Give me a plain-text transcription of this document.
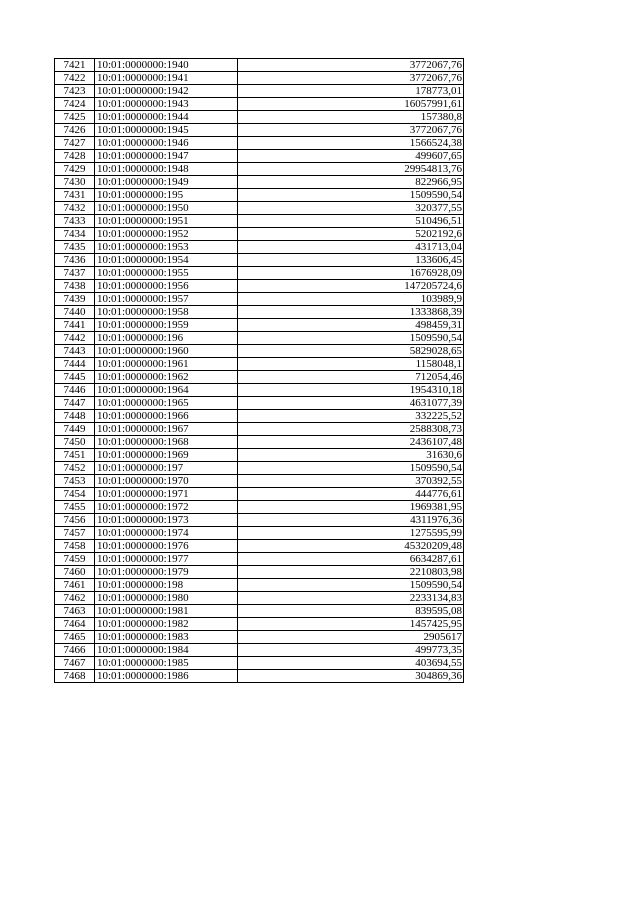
7421	10:01:0000000:1940	3772067,76
7422	10:01:0000000:1941	3772067,76
7423	10:01:0000000:1942	178773,01
7424	10:01:0000000:1943	16057991,61
7425	10:01:0000000:1944	157380,8
7426	10:01:0000000:1945	3772067,76
7427	10:01:0000000:1946	1566524,38
7428	10:01:0000000:1947	499607,65
7429	10:01:0000000:1948	29954813,76
7430	10:01:0000000:1949	822966,95
7431	10:01:0000000:195	1509590,54
7432	10:01:0000000:1950	320377,55
7433	10:01:0000000:1951	510496,51
7434	10:01:0000000:1952	5202192,6
7435	10:01:0000000:1953	431713,04
7436	10:01:0000000:1954	133606,45
7437	10:01:0000000:1955	1676928,09
7438	10:01:0000000:1956	147205724,6
7439	10:01:0000000:1957	103989,9
7440	10:01:0000000:1958	1333868,39
7441	10:01:0000000:1959	498459,31
7442	10:01:0000000:196	1509590,54
7443	10:01:0000000:1960	5829028,65
7444	10:01:0000000:1961	1158048,1
7445	10:01:0000000:1962	712054,46
7446	10:01:0000000:1964	1954310,18
7447	10:01:0000000:1965	4631077,39
7448	10:01:0000000:1966	332225,52
7449	10:01:0000000:1967	2588308,73
7450	10:01:0000000:1968	2436107,48
7451	10:01:0000000:1969	31630,6
7452	10:01:0000000:197	1509590,54
7453	10:01:0000000:1970	370392,55
7454	10:01:0000000:1971	444776,61
7455	10:01:0000000:1972	1969381,95
7456	10:01:0000000:1973	4311976,36
7457	10:01:0000000:1974	1275595,99
7458	10:01:0000000:1976	45320209,48
7459	10:01:0000000:1977	6634287,61
7460	10:01:0000000:1979	2210803,98
7461	10:01:0000000:198	1509590,54
7462	10:01:0000000:1980	2233134,83
7463	10:01:0000000:1981	839595,08
7464	10:01:0000000:1982	1457425,95
7465	10:01:0000000:1983	2905617
7466	10:01:0000000:1984	499773,35
7467	10:01:0000000:1985	403694,55
7468	10:01:0000000:1986	304869,36
